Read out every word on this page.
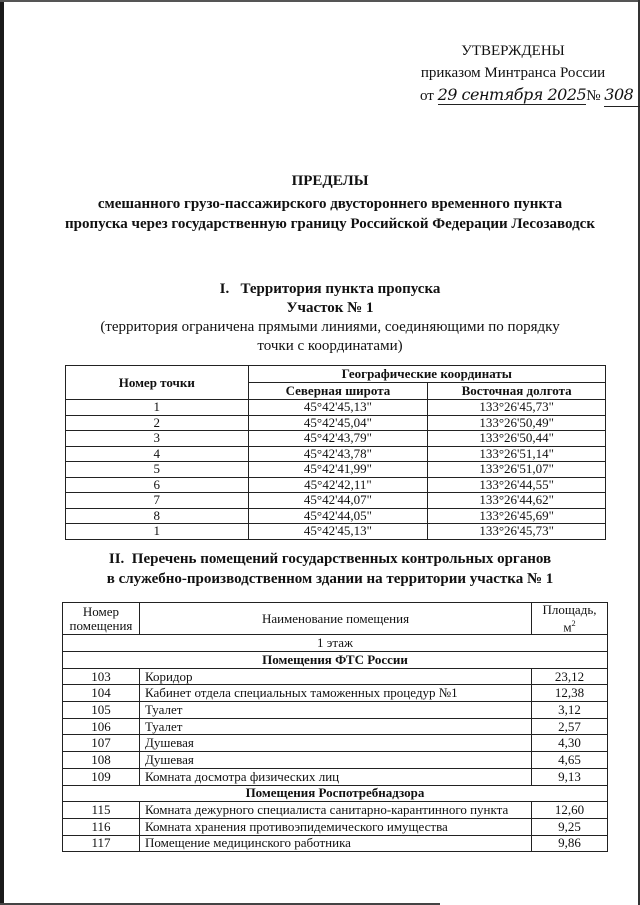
УТВЕРЖДЕНЫ
приказом Минтранса России
от 29 сентября 2025№ 308
ПРЕДЕЛЫ
смешанного грузо-пассажирского двустороннего временного пункта
пропуска через государственную границу Российской Федерации Лесозаводск
I.   Территория пункта пропуска
Участок № 1
(территория ограничена прямыми линиями, соединяющими по порядку
точки с координатами)
Номер точки	Географические координаты	
	Северная широта	Восточная долгота
1	45°42'45,13"	133°26'45,73"
2	45°42'45,04"	133°26'50,49"
3	45°42'43,79"	133°26'50,44"
4	45°42'43,78"	133°26'51,14"
5	45°42'41,99"	133°26'51,07"
6	45°42'42,11"	133°26'44,55"
7	45°42'44,07"	133°26'44,62"
8	45°42'44,05"	133°26'45,69"
1	45°42'45,13"	133°26'45,73"
II.  Перечень помещений государственных контрольных органов
в служебно-производственном здании на территории участка № 1
Номер
помещения	Наименование помещения	Площадь,
$м^2$
1 этаж		
Помещения ФТС России		
103	Коридор	23,12
104	Кабинет отдела специальных таможенных процедур №1	12,38
105	Туалет	3,12
106	Туалет	2,57
107	Душевая	4,30
108	Душевая	4,65
109	Комната досмотра физических лиц	9,13
Помещения Роспотребнадзора		
115	Комната дежурного специалиста санитарно-карантинного пункта	12,60
116	Комната хранения противоэпидемического имущества	9,25
117	Помещение медицинского работника	9,86
